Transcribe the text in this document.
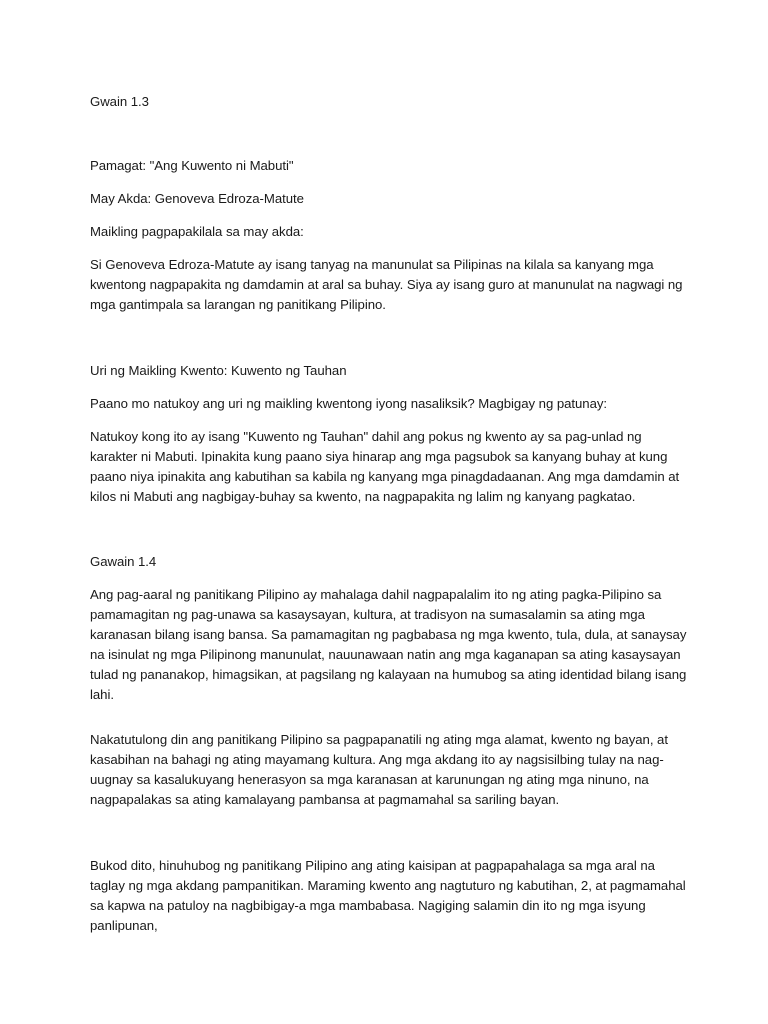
Gwain 1.3

Pamagat: "Ang Kuwento ni Mabuti"

May Akda: Genoveva Edroza-Matute

Maikling pagpapakilala sa may akda:

Si Genoveva Edroza-Matute ay isang tanyag na manunulat sa Pilipinas na kilala sa kanyang mga kwentong nagpapakita ng damdamin at aral sa buhay. Siya ay isang guro at manunulat na nagwagi ng mga gantimpala sa larangan ng panitikang Pilipino.

Uri ng Maikling Kwento: Kuwento ng Tauhan

Paano mo natukoy ang uri ng maikling kwentong iyong nasaliksik? Magbigay ng patunay:

Natukoy kong ito ay isang "Kuwento ng Tauhan" dahil ang pokus ng kwento ay sa pag-unlad ng karakter ni Mabuti. Ipinakita kung paano siya hinarap ang mga pagsubok sa kanyang buhay at kung paano niya ipinakita ang kabutihan sa kabila ng kanyang mga pinagdadaanan. Ang mga damdamin at kilos ni Mabuti ang nagbigay-buhay sa kwento, na nagpapakita ng lalim ng kanyang pagkatao.

Gawain 1.4

Ang pag-aaral ng panitikang Pilipino ay mahalaga dahil nagpapalalim ito ng ating pagka-Pilipino sa pamamagitan ng pag-unawa sa kasaysayan, kultura, at tradisyon na sumasalamin sa ating mga karanasan bilang isang bansa. Sa pamamagitan ng pagbabasa ng mga kwento, tula, dula, at sanaysay na isinulat ng mga Pilipinong manunulat, nauunawaan natin ang mga kaganapan sa ating kasaysayan tulad ng pananakop, himagsikan, at pagsilang ng kalayaan na humubog sa ating identidad bilang isang lahi.

Nakatutulong din ang panitikang Pilipino sa pagpapanatili ng ating mga alamat, kwento ng bayan, at kasabihan na bahagi ng ating mayamang kultura. Ang mga akdang ito ay nagsisilbing tulay na nag-uugnay sa kasalukuyang henerasyon sa mga karanasan at karunungan ng ating mga ninuno, na nagpapalakas sa ating kamalayang pambansa at pagmamahal sa sariling bayan.

Bukod dito, hinuhubog ng panitikang Pilipino ang ating kaisipan at pagpapahalaga sa mga aral na taglay ng mga akdang pampanitikan. Maraming kwento ang nagtuturo ng kabutihan, 2, at pagmamahal sa kapwa na patuloy na nagbibigay-a mga mambabasa. Nagiging salamin din ito ng mga isyung panlipunan,
